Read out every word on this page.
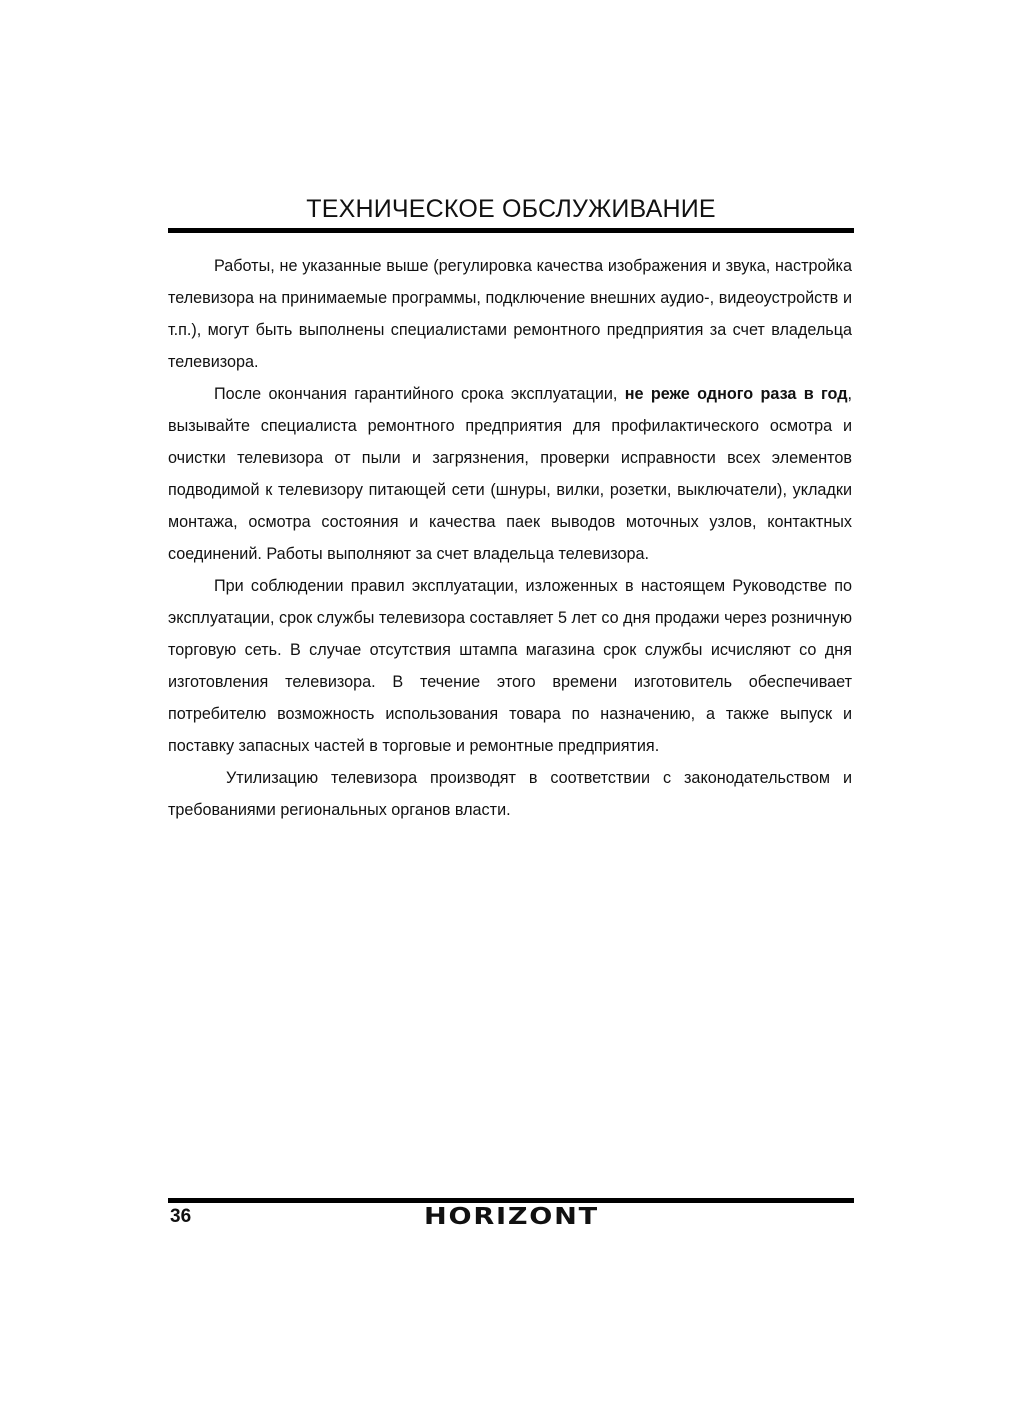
ТЕХНИЧЕСКОЕ ОБСЛУЖИВАНИЕ

Работы, не указанные выше (регулировка качества изображения и звука, настройка телевизора на принимаемые программы, подключение внешних аудио-, видеоустройств и т.п.), могут быть выполнены специалистами ремонтного предприятия за счет владельца телевизора.

После окончания гарантийного срока эксплуатации, не реже одного раза в год, вызывайте специалиста ремонтного предприятия для профилактического осмотра и очистки телевизора от пыли и загрязнения, проверки исправности всех элементов подводимой к телевизору питающей сети (шнуры, вилки, розетки, выключатели), укладки монтажа, осмотра состояния и качества паек выводов моточных узлов, контактных соединений. Работы выполняют за счет владельца телевизора.

При соблюдении правил эксплуатации, изложенных в настоящем Руководстве по эксплуатации, срок службы телевизора составляет 5 лет со дня продажи через розничную торговую сеть. В случае отсутствия штампа магазина срок службы исчисляют со дня изготовления телевизора. В течение этого времени изготовитель обеспечивает потребителю возможность использования товара по назначению, а также выпуск и поставку запасных частей в торговые и ремонтные предприятия.

Утилизацию телевизора производят в соответствии с законодательством и требованиями региональных органов власти.

36	HORIZONT
